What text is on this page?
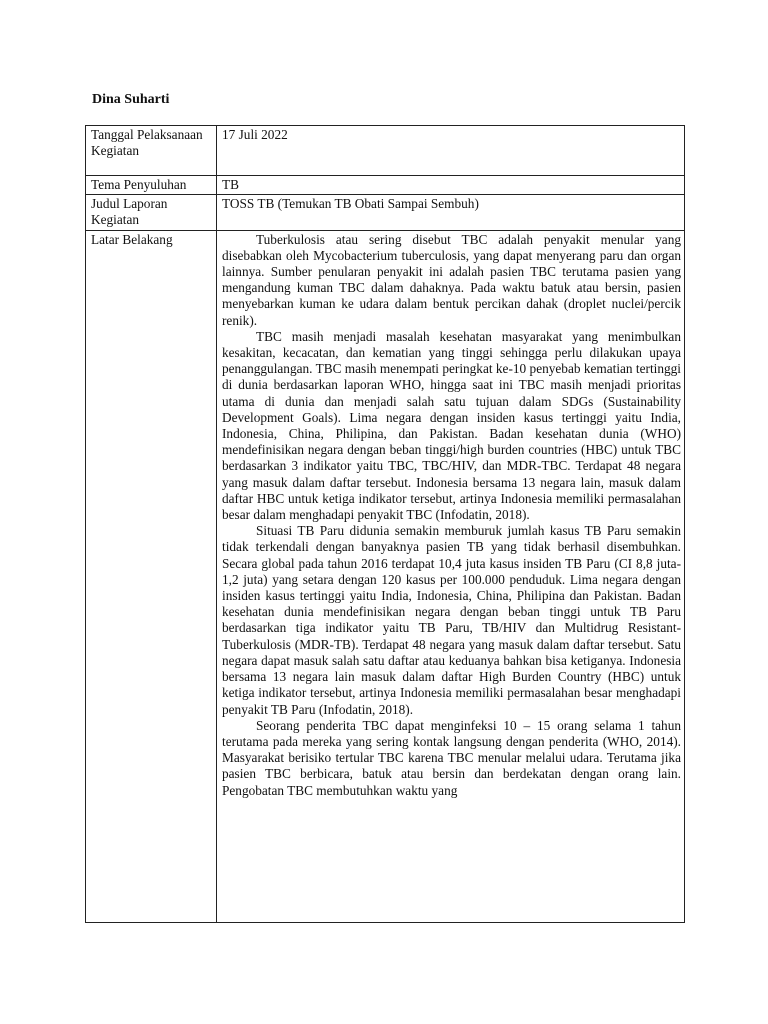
Dina Suharti
Tanggal Pelaksanaan Kegiatan	17 Juli 2022
Tema Penyuluhan	TB
Judul Laporan Kegiatan	TOSS TB (Temukan TB Obati Sampai Sembuh)
Latar Belakang	Tuberkulosis atau sering disebut TBC adalah penyakit menular yang disebabkan oleh Mycobacterium tuberculosis, yang dapat menyerang paru dan organ lainnya. Sumber penularan penyakit ini adalah pasien TBC terutama pasien yang mengandung kuman TBC dalam dahaknya. Pada waktu batuk atau bersin, pasien menyebarkan kuman ke udara dalam bentuk percikan dahak (droplet nuclei/percik renik).

TBC masih menjadi masalah kesehatan masyarakat yang menimbulkan kesakitan, kecacatan, dan kematian yang tinggi sehingga perlu dilakukan upaya penanggulangan. TBC masih menempati peringkat ke-10 penyebab kematian tertinggi di dunia berdasarkan laporan WHO, hingga saat ini TBC masih menjadi prioritas utama di dunia dan menjadi salah satu tujuan dalam SDGs (Sustainability Development Goals). Lima negara dengan insiden kasus tertinggi yaitu India, Indonesia, China, Philipina, dan Pakistan. Badan kesehatan dunia (WHO) mendefinisikan negara dengan beban tinggi/high burden countries (HBC) untuk TBC berdasarkan 3 indikator yaitu TBC, TBC/HIV, dan MDR-TBC. Terdapat 48 negara yang masuk dalam daftar tersebut. Indonesia bersama 13 negara lain, masuk dalam daftar HBC untuk ketiga indikator tersebut, artinya Indonesia memiliki permasalahan besar dalam menghadapi penyakit TBC (Infodatin, 2018).

Situasi TB Paru didunia semakin memburuk jumlah kasus TB Paru semakin tidak terkendali dengan banyaknya pasien TB yang tidak berhasil disembuhkan. Secara global pada tahun 2016 terdapat 10,4 juta kasus insiden TB Paru (CI 8,8 juta-1,2 juta) yang setara dengan 120 kasus per 100.000 penduduk. Lima negara dengan insiden kasus tertinggi yaitu India, Indonesia, China, Philipina dan Pakistan. Badan kesehatan dunia mendefinisikan negara dengan beban tinggi untuk TB Paru berdasarkan tiga indikator yaitu TB Paru, TB/HIV dan Multidrug Resistant-Tuberkulosis (MDR-TB). Terdapat 48 negara yang masuk dalam daftar tersebut. Satu negara dapat masuk salah satu daftar atau keduanya bahkan bisa ketiganya. Indonesia bersama 13 negara lain masuk dalam daftar High Burden Country (HBC) untuk ketiga indikator tersebut, artinya Indonesia memiliki permasalahan besar menghadapi penyakit TB Paru (Infodatin, 2018).

Seorang penderita TBC dapat menginfeksi 10 – 15 orang selama 1 tahun terutama pada mereka yang sering kontak langsung dengan penderita (WHO, 2014). Masyarakat berisiko tertular TBC karena TBC menular melalui udara. Terutama jika pasien TBC berbicara, batuk atau bersin dan berdekatan dengan orang lain. Pengobatan TBC membutuhkan waktu yang
